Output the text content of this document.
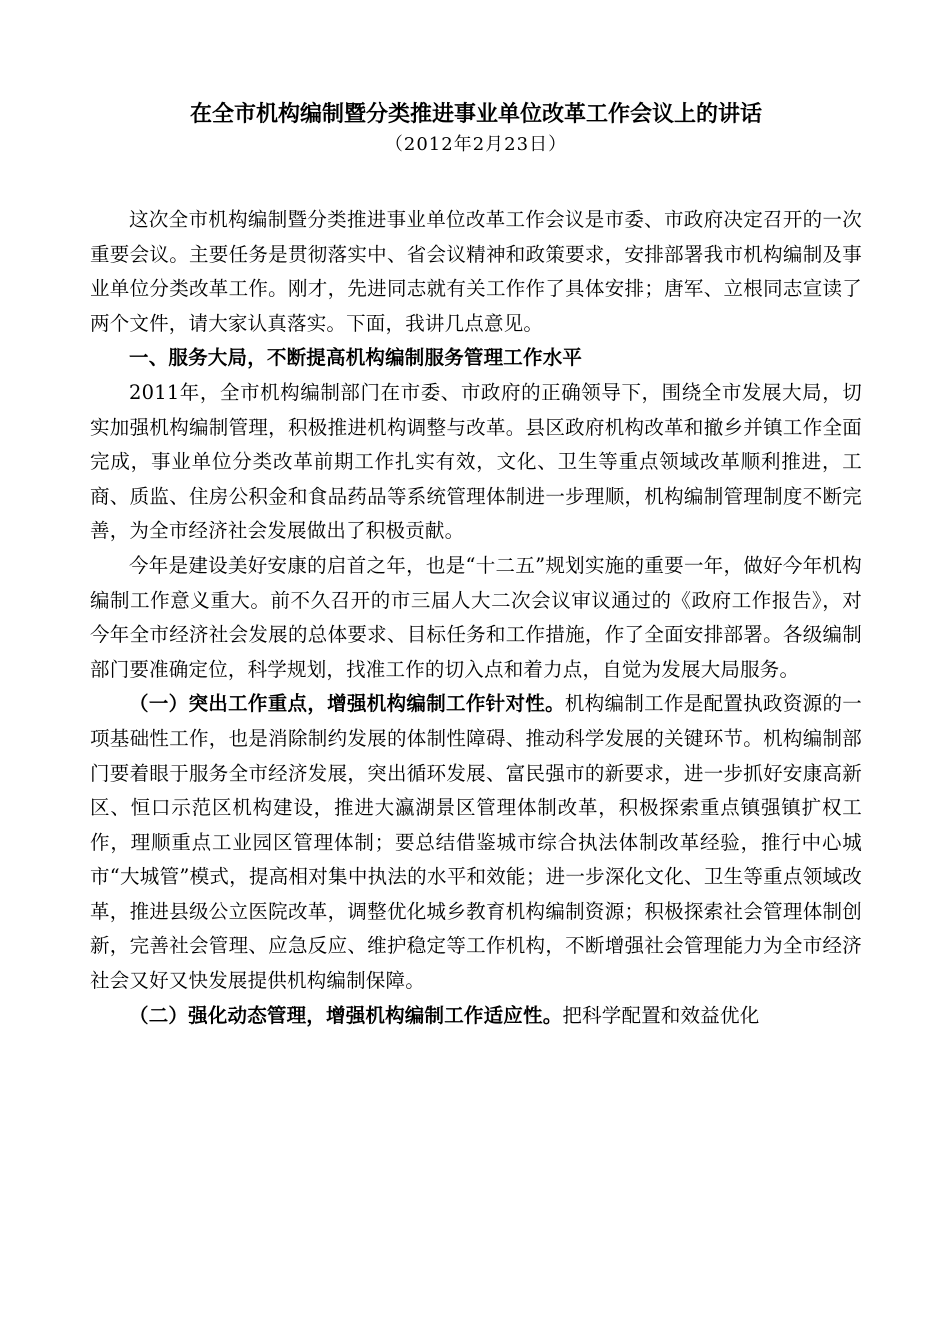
在全市机构编制暨分类推进事业单位改革工作会议上的讲话
（2012年2月23日）

这次全市机构编制暨分类推进事业单位改革工作会议是市委、市政府决定召开的一次重要会议。主要任务是贯彻落实中、省会议精神和政策要求，安排部署我市机构编制及事业单位分类改革工作。刚才，先进同志就有关工作作了具体安排；唐军、立根同志宣读了两个文件，请大家认真落实。下面，我讲几点意见。

一、服务大局，不断提高机构编制服务管理工作水平

2011年，全市机构编制部门在市委、市政府的正确领导下，围绕全市发展大局，切实加强机构编制管理，积极推进机构调整与改革。县区政府机构改革和撤乡并镇工作全面完成，事业单位分类改革前期工作扎实有效，文化、卫生等重点领域改革顺利推进，工商、质监、住房公积金和食品药品等系统管理体制进一步理顺，机构编制管理制度不断完善，为全市经济社会发展做出了积极贡献。

今年是建设美好安康的启首之年，也是“十二五”规划实施的重要一年，做好今年机构编制工作意义重大。前不久召开的市三届人大二次会议审议通过的《政府工作报告》，对今年全市经济社会发展的总体要求、目标任务和工作措施，作了全面安排部署。各级编制部门要准确定位，科学规划，找准工作的切入点和着力点，自觉为发展大局服务。

（一）突出工作重点，增强机构编制工作针对性。机构编制工作是配置执政资源的一项基础性工作，也是消除制约发展的体制性障碍、推动科学发展的关键环节。机构编制部门要着眼于服务全市经济发展，突出循环发展、富民强市的新要求，进一步抓好安康高新区、恒口示范区机构建设，推进大瀛湖景区管理体制改革，积极探索重点镇强镇扩权工作，理顺重点工业园区管理体制；要总结借鉴城市综合执法体制改革经验，推行中心城市“大城管”模式，提高相对集中执法的水平和效能；进一步深化文化、卫生等重点领域改革，推进县级公立医院改革，调整优化城乡教育机构编制资源；积极探索社会管理体制创新，完善社会管理、应急反应、维护稳定等工作机构，不断增强社会管理能力为全市经济社会又好又快发展提供机构编制保障。

（二）强化动态管理，增强机构编制工作适应性。把科学配置和效益优化
